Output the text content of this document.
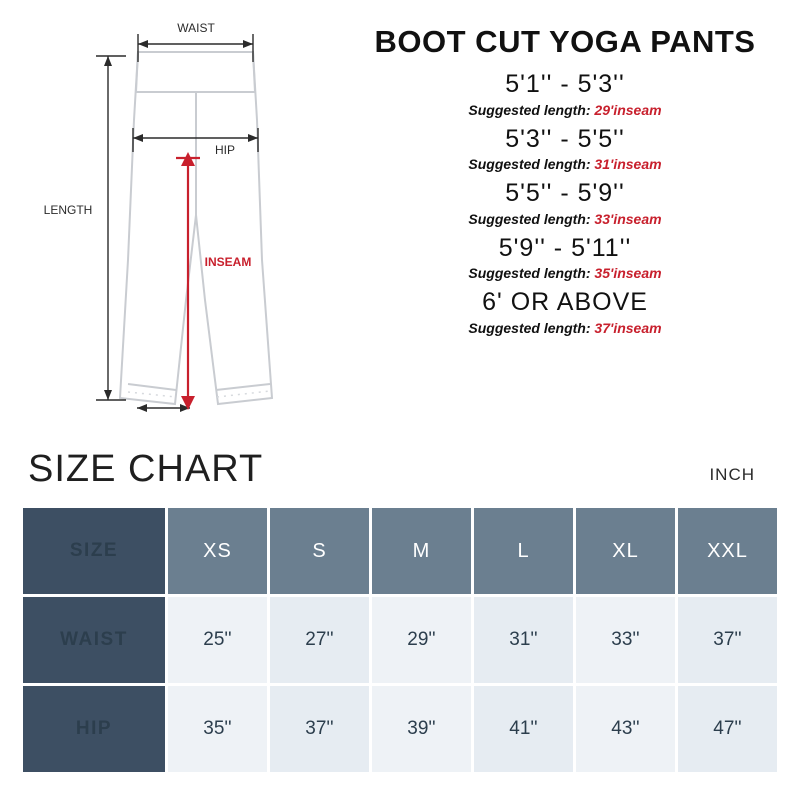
WAIST
HIP
LENGTH
INSEAM
BOOT CUT YOGA PANTS
5'1'' - 5'3''
Suggested length: 29'inseam
5'3'' - 5'5''
Suggested length: 31'inseam
5'5'' - 5'9''
Suggested length: 33'inseam
5'9'' - 5'11''
Suggested length: 35'inseam
6' OR ABOVE
Suggested length: 37'inseam
SIZE CHART	INCH
SIZE	XS	S	M	L	XL	XXL
WAIST	25''	27''	29''	31''	33''	37''
HIP	35''	37''	39''	41''	43''	47''
